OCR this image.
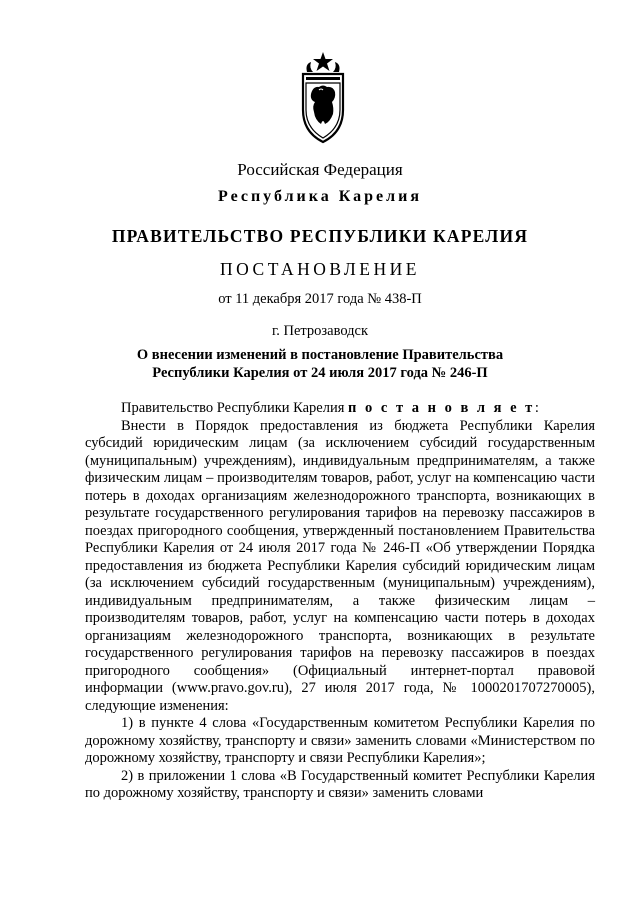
Российская Федерация
Республика Карелия
ПРАВИТЕЛЬСТВО РЕСПУБЛИКИ КАРЕЛИЯ
ПОСТАНОВЛЕНИЕ
от 11 декабря 2017 года № 438-П
г. Петрозаводск
О внесении изменений в постановление Правительства
Республики Карелия от 24 июля 2017 года № 246-П

Правительство Республики Карелия п о с т а н о в л я е т:

Внести в Порядок предоставления из бюджета Республики Карелия субсидий юридическим лицам (за исключением субсидий государственным (муниципальным) учреждениям), индивидуальным предпринимателям, а также физическим лицам – производителям товаров, работ, услуг на компенсацию части потерь в доходах организациям железнодорожного транспорта, возникающих в результате государственного регулирования тарифов на перевозку пассажиров в поездах пригородного сообщения, утвержденный постановлением Правительства Республики Карелия от 24 июля 2017 года № 246-П «Об утверждении Порядка предоставления из бюджета Республики Карелия субсидий юридическим лицам (за исключением субсидий государственным (муниципальным) учреждениям), индивидуальным предпринимателям, а также физическим лицам – производителям товаров, работ, услуг на компенсацию части потерь в доходах организациям железнодорожного транспорта, возникающих в результате государственного регулирования тарифов на перевозку пассажиров в поездах пригородного сообщения» (Официальный интернет-портал правовой информации (www.pravo.gov.ru), 27 июля 2017 года, № 1000201707270005), следующие изменения:

1) в пункте 4 слова «Государственным комитетом Республики Карелия по дорожному хозяйству, транспорту и связи» заменить словами «Министерством по дорожному хозяйству, транспорту и связи Республики Карелия»;

2) в приложении 1 слова «В Государственный комитет Республики Карелия по дорожному хозяйству, транспорту и связи» заменить словами
